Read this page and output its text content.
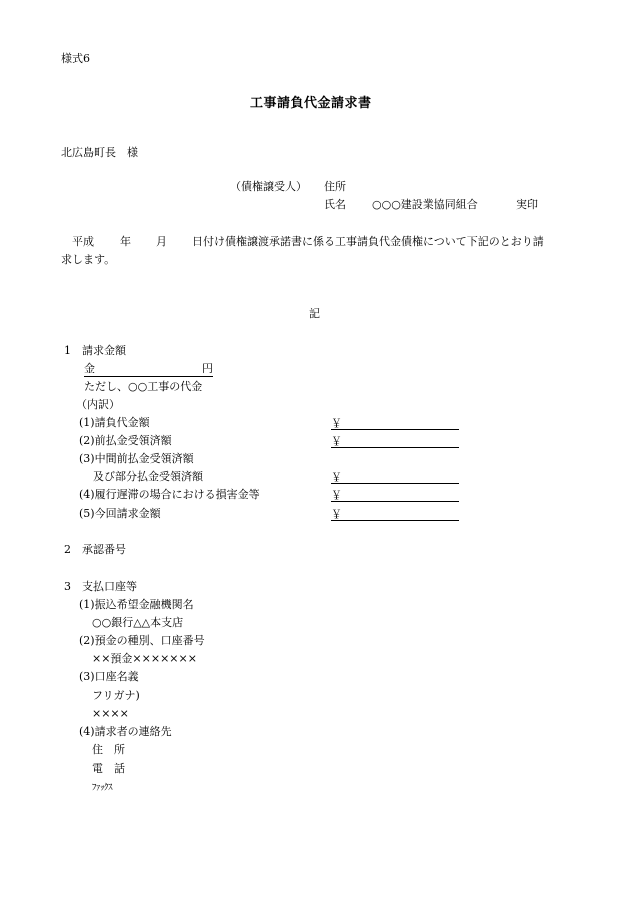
様式6
工事請負代金請求書
北広島町長　様
（債権譲受人） 住所
氏名 ○○○建設業協同組合	実印
平成 年 月 日付け債権譲渡承諾書に係る工事請負代金債権について下記のとおり請
求します。
記
1　請求金額
金	円
ただし、○○工事の代金
（内訳）
(1)請負代金額
(2)前払金受領済額
(3)中間前払金受領済額
及び部分払金受領済額
(4)履行遅滞の場合における損害金等
(5)今回請求金額
￥
￥
￥
￥
￥
2　承認番号
3　支払口座等
(1)振込希望金融機関名
○○銀行△△本支店
(2)預金の種別、口座番号
××預金×××××××
(3)口座名義
フリガナ)
××××
(4)請求者の連絡先
住　所
電　話
ﾌｧｯｸｽ
